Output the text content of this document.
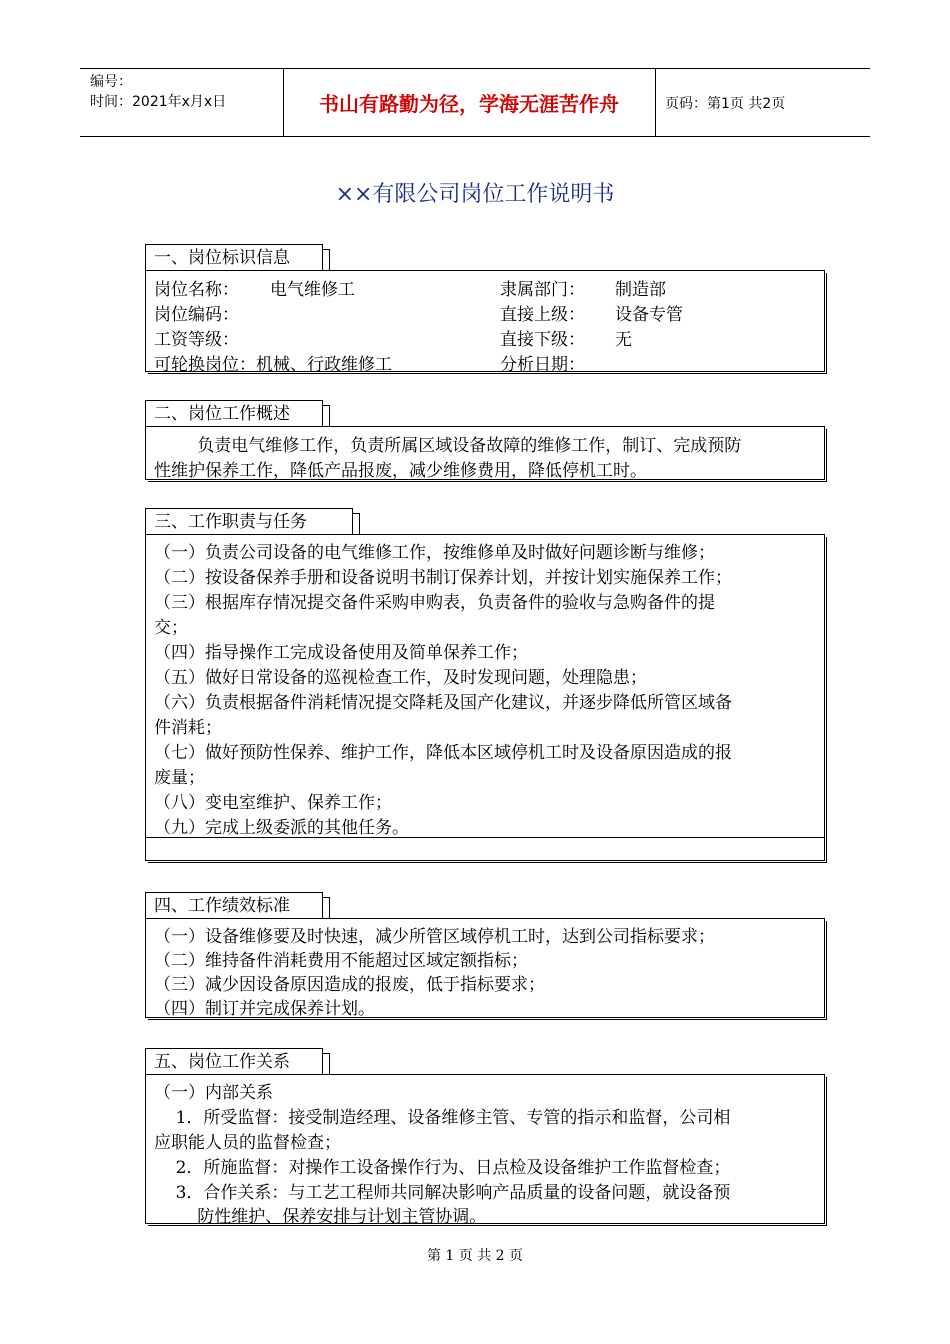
编号：
时间：2021年x月x日	书山有路勤为径，学海无涯苦作舟	页码：第1页 共2页
××有限公司岗位工作说明书
一、岗位标识信息
岗位名称： 电气维修工	隶属部门： 制造部
岗位编码：	直接上级： 设备专管
工资等级：	直接下级： 无
可轮换岗位：机械、行政维修工	分析日期：
二、岗位工作概述
负责电气维修工作，负责所属区域设备故障的维修工作，制订、完成预防
性维护保养工作，降低产品报废，减少维修费用，降低停机工时。
三、工作职责与任务
（一）负责公司设备的电气维修工作，按维修单及时做好问题诊断与维修；
（二）按设备保养手册和设备说明书制订保养计划，并按计划实施保养工作；
（三）根据库存情况提交备件采购申购表，负责备件的验收与急购备件的提
交；
（四）指导操作工完成设备使用及简单保养工作；
（五）做好日常设备的巡视检查工作，及时发现问题，处理隐患；
（六）负责根据备件消耗情况提交降耗及国产化建议，并逐步降低所管区域备
件消耗；
（七）做好预防性保养、维护工作，降低本区域停机工时及设备原因造成的报
废量；
（八）变电室维护、保养工作；
（九）完成上级委派的其他任务。
四、工作绩效标准
（一）设备维修要及时快速，减少所管区域停机工时，达到公司指标要求；
（二）维持备件消耗费用不能超过区域定额指标；
（三）减少因设备原因造成的报废，低于指标要求；
（四）制订并完成保养计划。
五、岗位工作关系
（一）内部关系
1．所受监督：接受制造经理、设备维修主管、专管的指示和监督，公司相
应职能人员的监督检查；
2．所施监督：对操作工设备操作行为、日点检及设备维护工作监督检查；
3．合作关系：与工艺工程师共同解决影响产品质量的设备问题，就设备预
防性维护、保养安排与计划主管协调。
第 1 页 共 2 页
